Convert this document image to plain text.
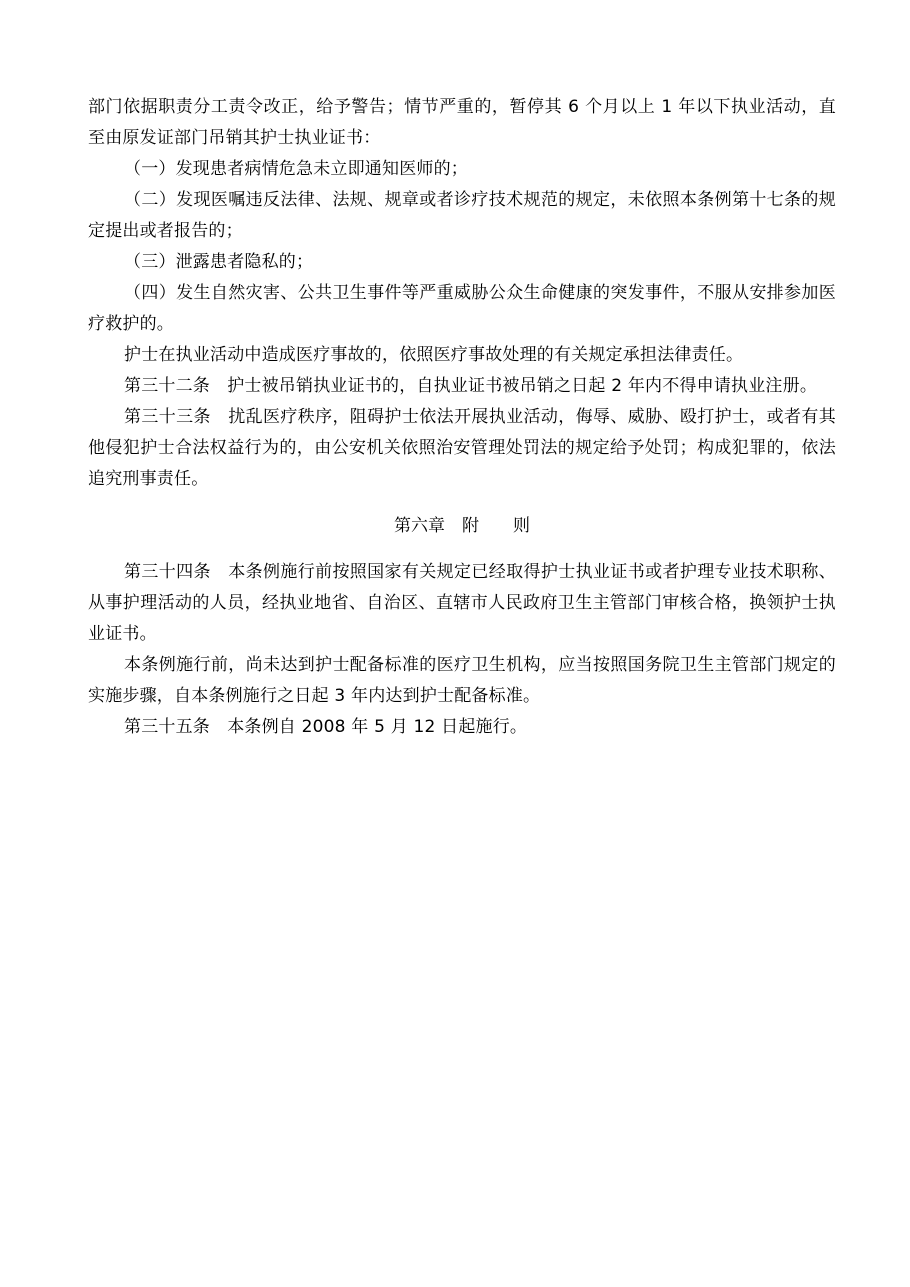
部门依据职责分工责令改正，给予警告；情节严重的，暂停其 6 个月以上 1 年以下执业活动，直至由原发证部门吊销其护士执业证书：

（一）发现患者病情危急未立即通知医师的；

（二）发现医嘱违反法律、法规、规章或者诊疗技术规范的规定，未依照本条例第十七条的规定提出或者报告的；

（三）泄露患者隐私的；

（四）发生自然灾害、公共卫生事件等严重威胁公众生命健康的突发事件，不服从安排参加医疗救护的。

护士在执业活动中造成医疗事故的，依照医疗事故处理的有关规定承担法律责任。

第三十二条　护士被吊销执业证书的，自执业证书被吊销之日起 2 年内不得申请执业注册。

第三十三条　扰乱医疗秩序，阻碍护士依法开展执业活动，侮辱、威胁、殴打护士，或者有其他侵犯护士合法权益行为的，由公安机关依照治安管理处罚法的规定给予处罚；构成犯罪的，依法追究刑事责任。

第六章　附　　则

第三十四条　本条例施行前按照国家有关规定已经取得护士执业证书或者护理专业技术职称、从事护理活动的人员，经执业地省、自治区、直辖市人民政府卫生主管部门审核合格，换领护士执业证书。

本条例施行前，尚未达到护士配备标准的医疗卫生机构，应当按照国务院卫生主管部门规定的实施步骤，自本条例施行之日起 3 年内达到护士配备标准。

第三十五条　本条例自 2008 年 5 月 12 日起施行。
